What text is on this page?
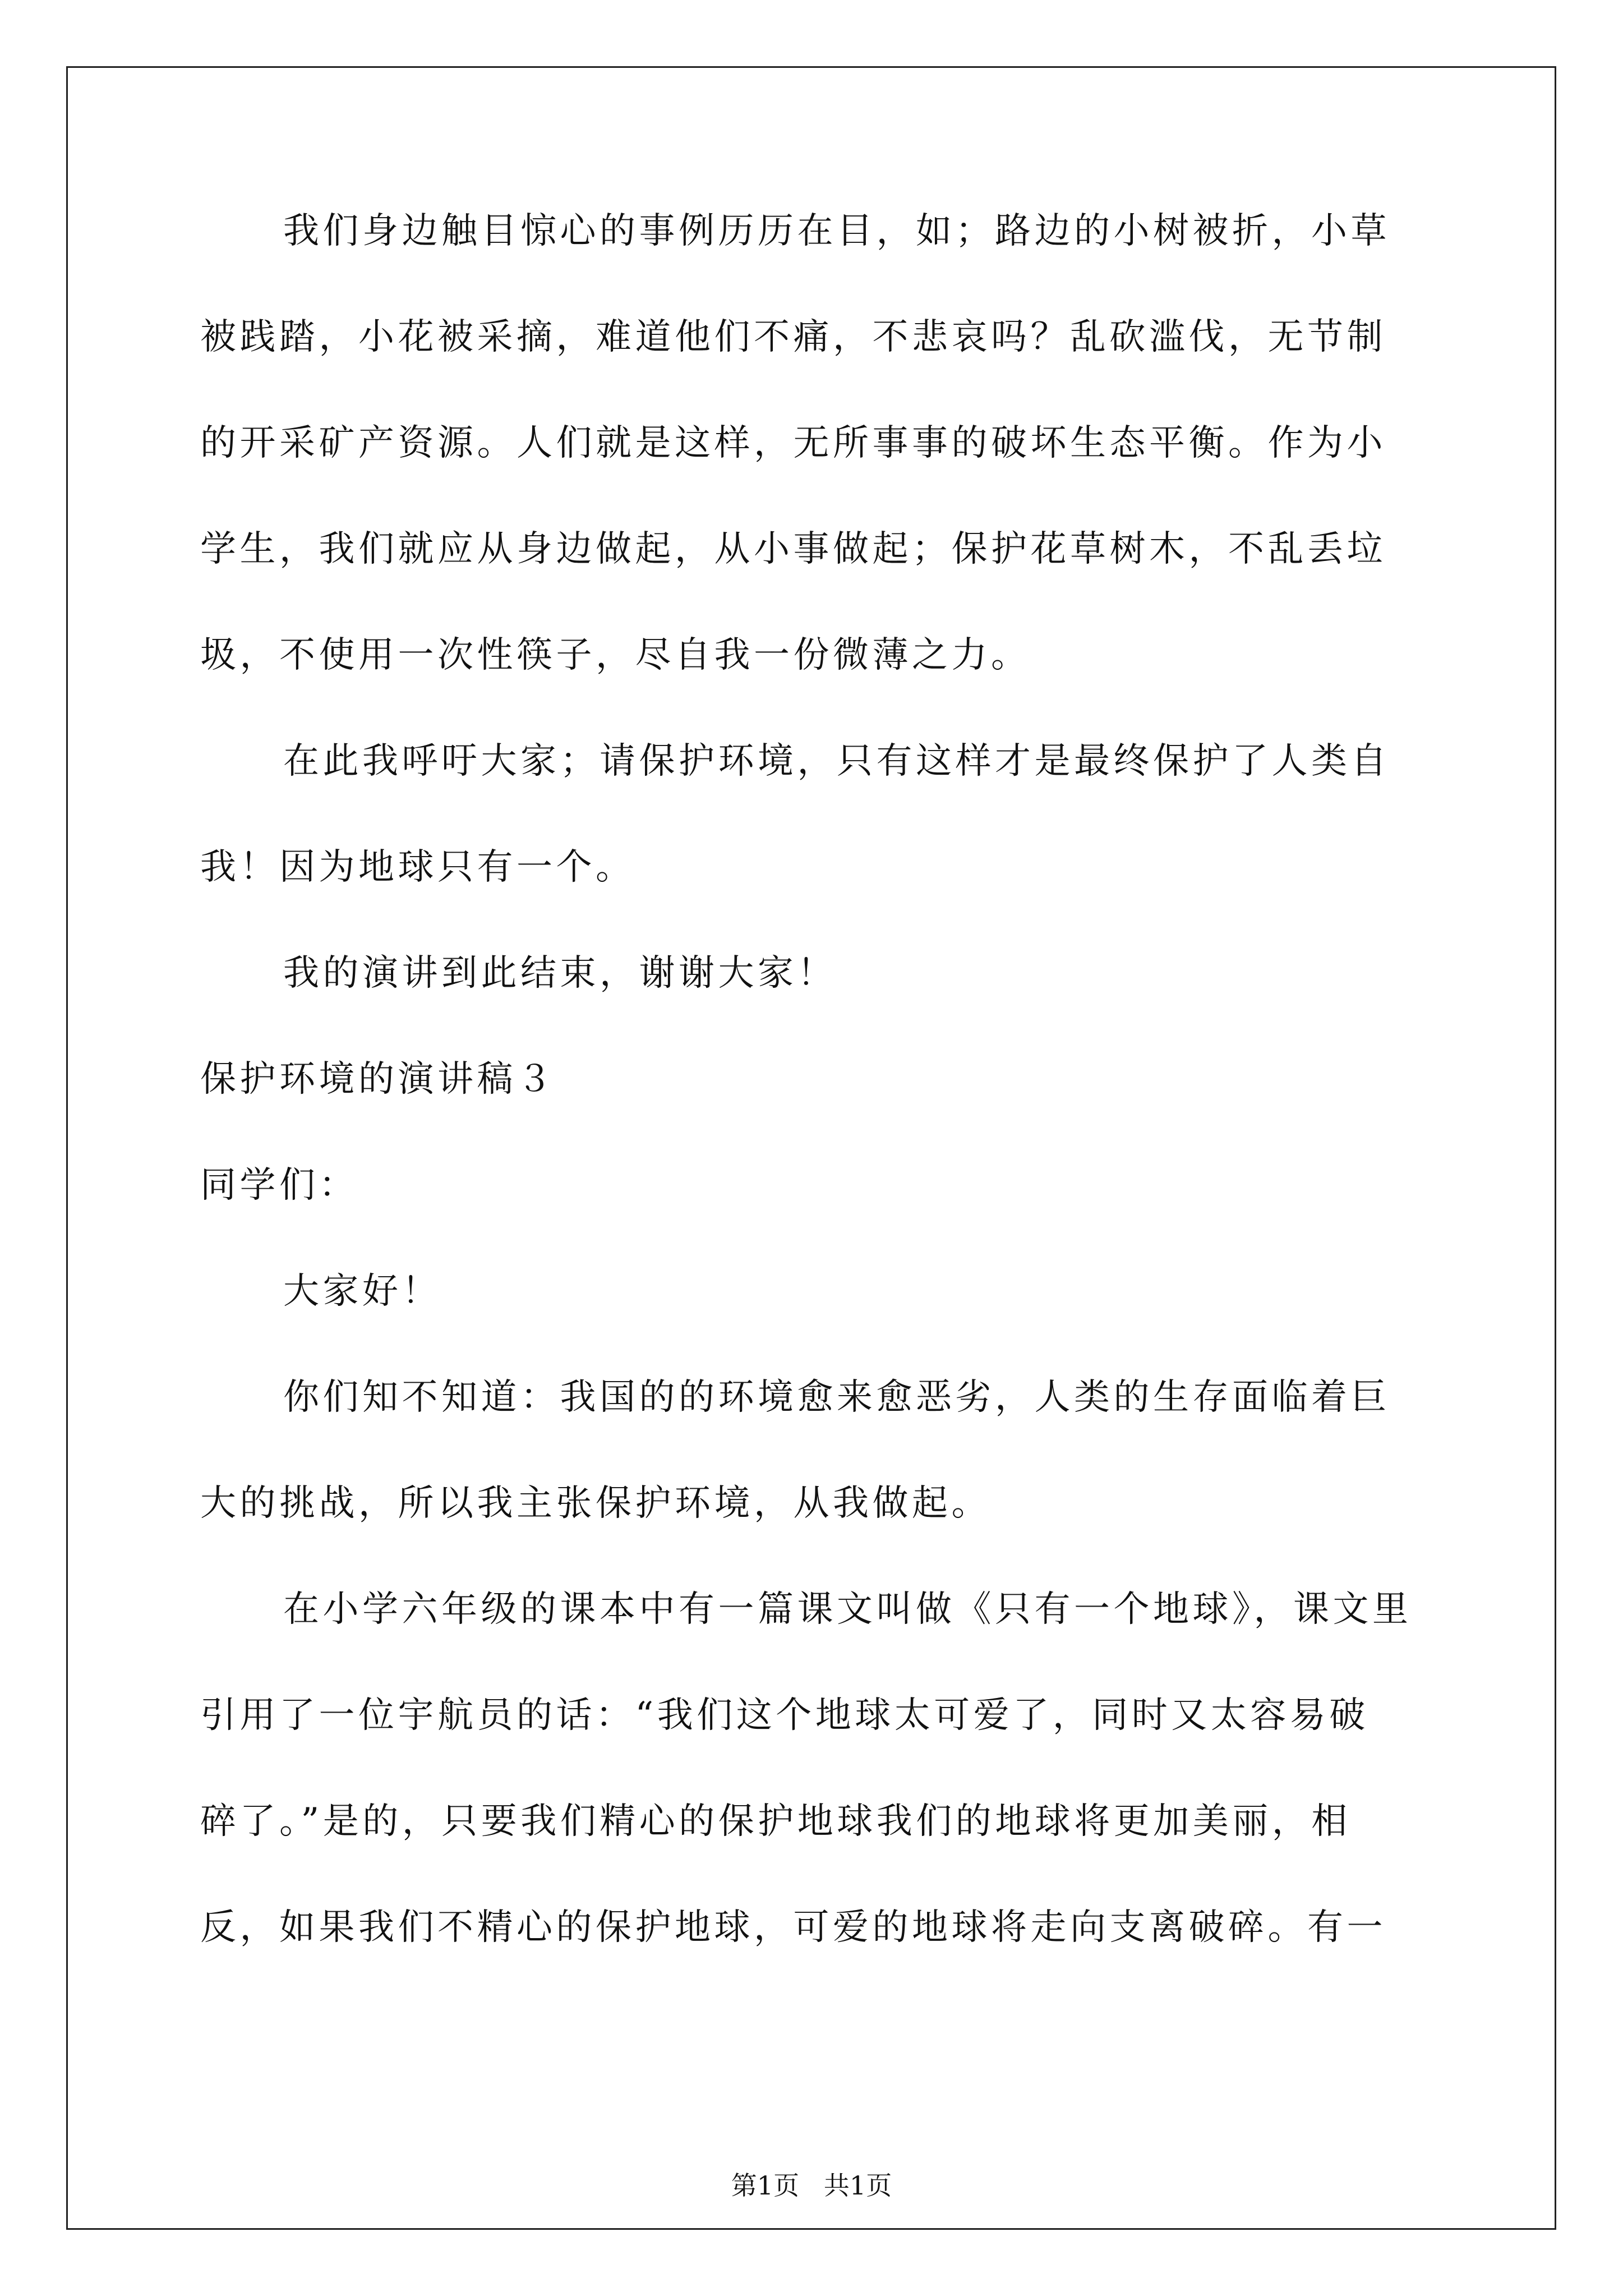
我们身边触目惊心的事例历历在目，如；路边的小树被折，小草
被践踏，小花被采摘，难道他们不痛，不悲哀吗？乱砍滥伐，无节制
的开采矿产资源。人们就是这样，无所事事的破坏生态平衡。作为小
学生，我们就应从身边做起，从小事做起；保护花草树木，不乱丢垃
圾，不使用一次性筷子，尽自我一份微薄之力。
在此我呼吁大家；请保护环境，只有这样才是最终保护了人类自
我！因为地球只有一个。
我的演讲到此结束，谢谢大家！
保护环境的演讲稿３
同学们：
大家好！
你们知不知道：我国的的环境愈来愈恶劣，人类的生存面临着巨
大的挑战，所以我主张保护环境，从我做起。
在小学六年级的课本中有一篇课文叫做《只有一个地球》，课文里
引用了一位宇航员的话：“我们这个地球太可爱了，同时又太容易破
碎了。”是的，只要我们精心的保护地球我们的地球将更加美丽，相
反，如果我们不精心的保护地球，可爱的地球将走向支离破碎。有一
第1页   共1页
